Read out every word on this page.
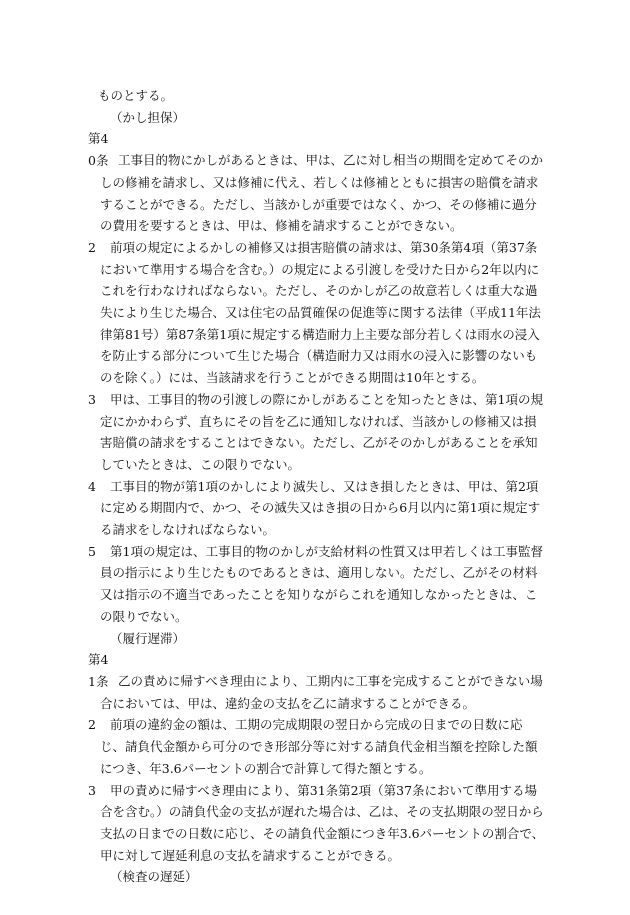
ものとする。
（かし担保）
第40条 工事目的物にかしがあるときは、甲は、乙に対し相当の期間を定めてそのかしの修補を請求し、又は修補に代え、若しくは修補とともに損害の賠償を請求することができる。ただし、当該かしが重要ではなく、かつ、その修補に過分の費用を要するときは、甲は、修補を請求することができない。
2 前項の規定によるかしの補修又は損害賠償の請求は、第30条第4項（第37条において準用する場合を含む。）の規定による引渡しを受けた日から2年以内にこれを行わなければならない。ただし、そのかしが乙の故意若しくは重大な過失により生じた場合、又は住宅の品質確保の促進等に関する法律（平成11年法律第81号）第87条第1項に規定する構造耐力上主要な部分若しくは雨水の浸入を防止する部分について生じた場合（構造耐力又は雨水の浸入に影響のないものを除く。）には、当該請求を行うことができる期間は10年とする。
3 甲は、工事目的物の引渡しの際にかしがあることを知ったときは、第1項の規定にかかわらず、直ちにその旨を乙に通知しなければ、当該かしの修補又は損害賠償の請求をすることはできない。ただし、乙がそのかしがあることを承知していたときは、この限りでない。
4 工事目的物が第1項のかしにより滅失し、又はき損したときは、甲は、第2項に定める期間内で、かつ、その滅失又はき損の日から6月以内に第1項に規定する請求をしなければならない。
5 第1項の規定は、工事目的物のかしが支給材料の性質又は甲若しくは工事監督員の指示により生じたものであるときは、適用しない。ただし、乙がその材料又は指示の不適当であったことを知りながらこれを通知しなかったときは、この限りでない。
（履行遅滞）
第41条 乙の責めに帰すべき理由により、工期内に工事を完成することができない場合においては、甲は、違約金の支払を乙に請求することができる。
2 前項の違約金の額は、工期の完成期限の翌日から完成の日までの日数に応じ、請負代金額から可分のでき形部分等に対する請負代金相当額を控除した額につき、年3.6パーセントの割合で計算して得た額とする。
3 甲の責めに帰すべき理由により、第31条第2項（第37条において準用する場合を含む。）の請負代金の支払が遅れた場合は、乙は、その支払期限の翌日から支払の日までの日数に応じ、その請負代金額につき年3.6パーセントの割合で、甲に対して遅延利息の支払を請求することができる。
（検査の遅延）
